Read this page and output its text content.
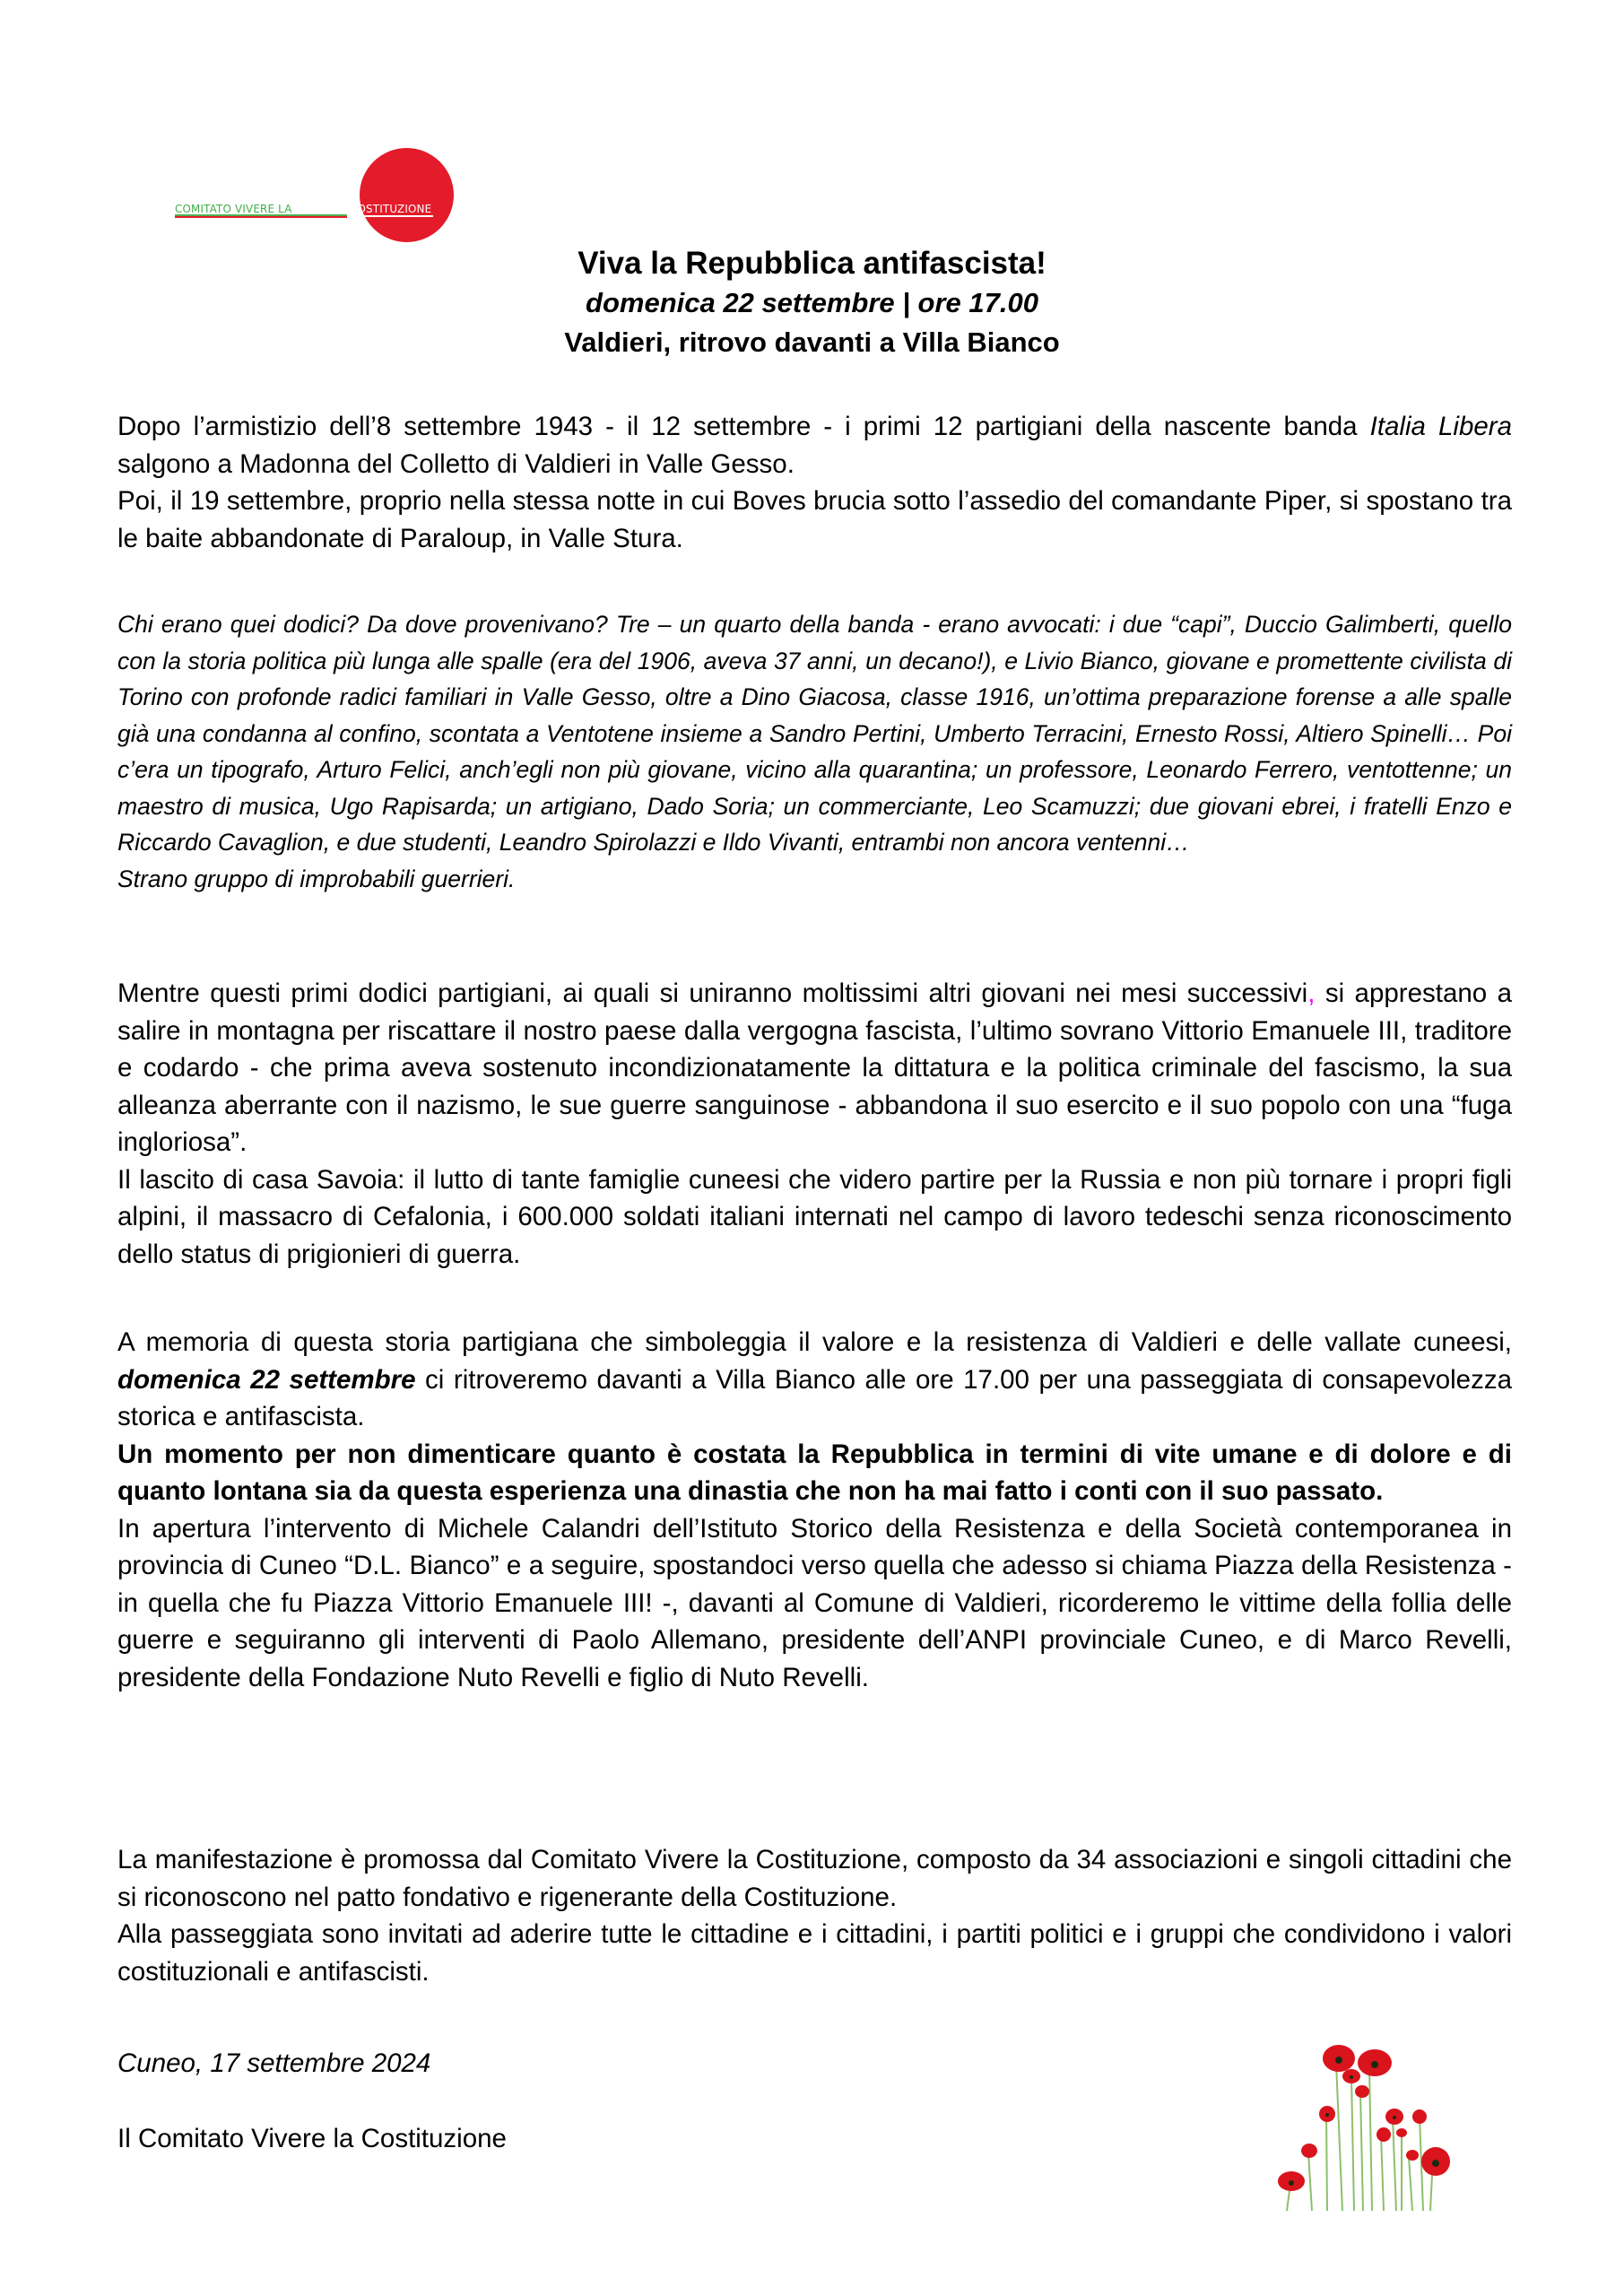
COMITATO VIVERE LA	COSTITUZIONE
Viva la Repubblica antifascista!
domenica 22 settembre | ore 17.00
Valdieri, ritrovo davanti a Villa Bianco

Dopo l’armistizio dell’8 settembre 1943 - il 12 settembre - i primi 12 partigiani della nascente banda Italia Libera salgono a Madonna del Colletto di Valdieri in Valle Gesso.

Poi, il 19 settembre, proprio nella stessa notte in cui Boves brucia sotto l’assedio del comandante Piper, si spostano tra le baite abbandonate di Paraloup, in Valle Stura.

Chi erano quei dodici? Da dove provenivano? Tre – un quarto della banda - erano avvocati: i due “capi”, Duccio Galimberti, quello con la storia politica più lunga alle spalle (era del 1906, aveva 37 anni, un decano!), e Livio Bianco, giovane e promettente civilista di Torino con profonde radici familiari in Valle Gesso, oltre a Dino Giacosa, classe 1916, un’ottima preparazione forense a alle spalle già una condanna al confino, scontata a Ventotene insieme a Sandro Pertini, Umberto Terracini, Ernesto Rossi, Altiero Spinelli… Poi c’era un tipografo, Arturo Felici, anch’egli non più giovane, vicino alla quarantina; un professore, Leonardo Ferrero, ventottenne; un maestro di musica, Ugo Rapisarda; un artigiano, Dado Soria; un commerciante, Leo Scamuzzi; due giovani ebrei, i fratelli Enzo e Riccardo Cavaglion, e due studenti, Leandro Spirolazzi e Ildo Vivanti, entrambi non ancora ventenni…

Strano gruppo di improbabili guerrieri.

Mentre questi primi dodici partigiani, ai quali si uniranno moltissimi altri giovani nei mesi successivi, si apprestano a salire in montagna per riscattare il nostro paese dalla vergogna fascista, l’ultimo sovrano Vittorio Emanuele III, traditore e codardo - che prima aveva sostenuto incondizionatamente la dittatura e la politica criminale del fascismo, la sua alleanza aberrante con il nazismo, le sue guerre sanguinose - abbandona il suo esercito e il suo popolo con una “fuga ingloriosa”.

Il lascito di casa Savoia: il lutto di tante famiglie cuneesi che videro partire per la Russia e non più tornare i propri figli alpini, il massacro di Cefalonia, i 600.000 soldati italiani internati nel campo di lavoro tedeschi senza riconoscimento dello status di prigionieri di guerra.

A memoria di questa storia partigiana che simboleggia il valore e la resistenza di Valdieri e delle vallate cuneesi, domenica 22 settembre ci ritroveremo davanti a Villa Bianco alle ore 17.00 per una passeggiata di consapevolezza storica e antifascista.

Un momento per non dimenticare quanto è costata la Repubblica in termini di vite umane e di dolore e di quanto lontana sia da questa esperienza una dinastia che non ha mai fatto i conti con il suo passato.

In apertura l’intervento di Michele Calandri dell’Istituto Storico della Resistenza e della Società contemporanea in provincia di Cuneo “D.L. Bianco” e a seguire, spostandoci verso quella che adesso si chiama Piazza della Resistenza - in quella che fu Piazza Vittorio Emanuele III! -, davanti al Comune di Valdieri, ricorderemo le vittime della follia delle guerre e seguiranno gli interventi di Paolo Allemano, presidente dell’ANPI provinciale Cuneo, e di Marco Revelli, presidente della Fondazione Nuto Revelli e figlio di Nuto Revelli.

La manifestazione è promossa dal Comitato Vivere la Costituzione, composto da 34 associazioni e singoli cittadini che si riconoscono nel patto fondativo e rigenerante della Costituzione.

Alla passeggiata sono invitati ad aderire tutte le cittadine e i cittadini, i partiti politici e i gruppi che condividono i valori costituzionali e antifascisti.

Cuneo, 17 settembre 2024
Il Comitato Vivere la Costituzione
